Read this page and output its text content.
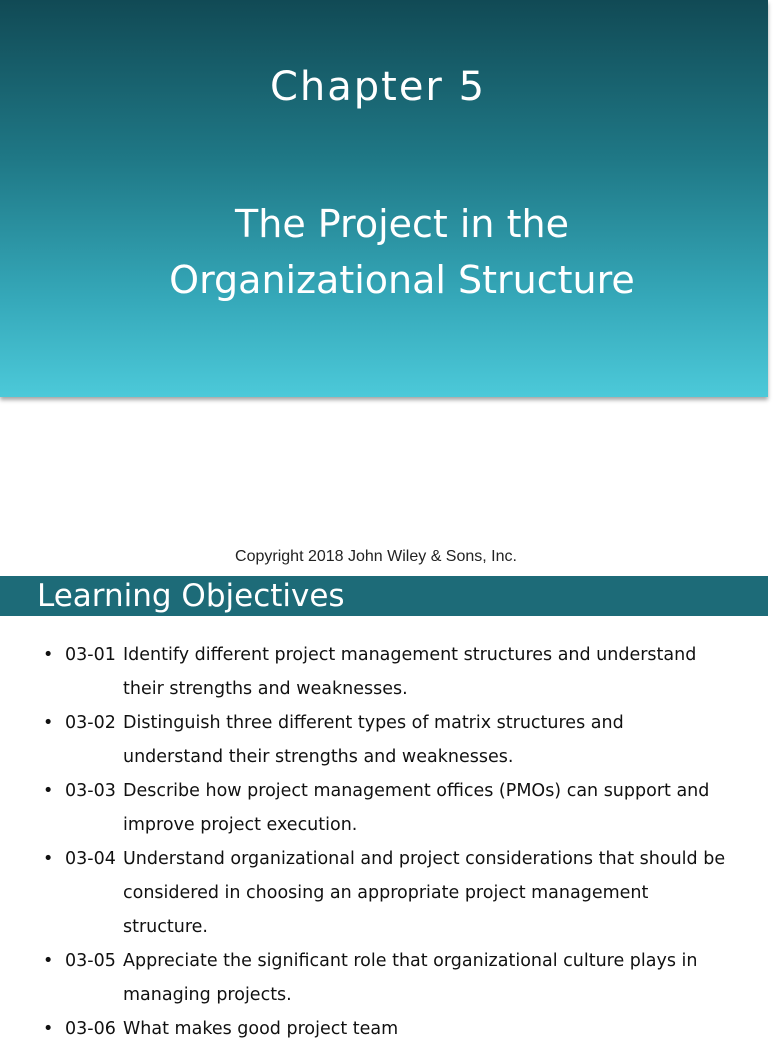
Chapter 5
The Project in the
Organizational Structure
Copyright 2018 John Wiley & Sons, Inc.
Learning Objectives
• 03-01 Identify different project management structures and understand their strengths and weaknesses.
• 03-02 Distinguish three different types of matrix structures and understand their strengths and weaknesses.
• 03-03 Describe how project management offices (PMOs) can support and improve project execution.
• 03-04 Understand organizational and project considerations that should be considered in choosing an appropriate project management structure.
• 03-05 Appreciate the significant role that organizational culture plays in managing projects.
• 03-06 What makes good project team
